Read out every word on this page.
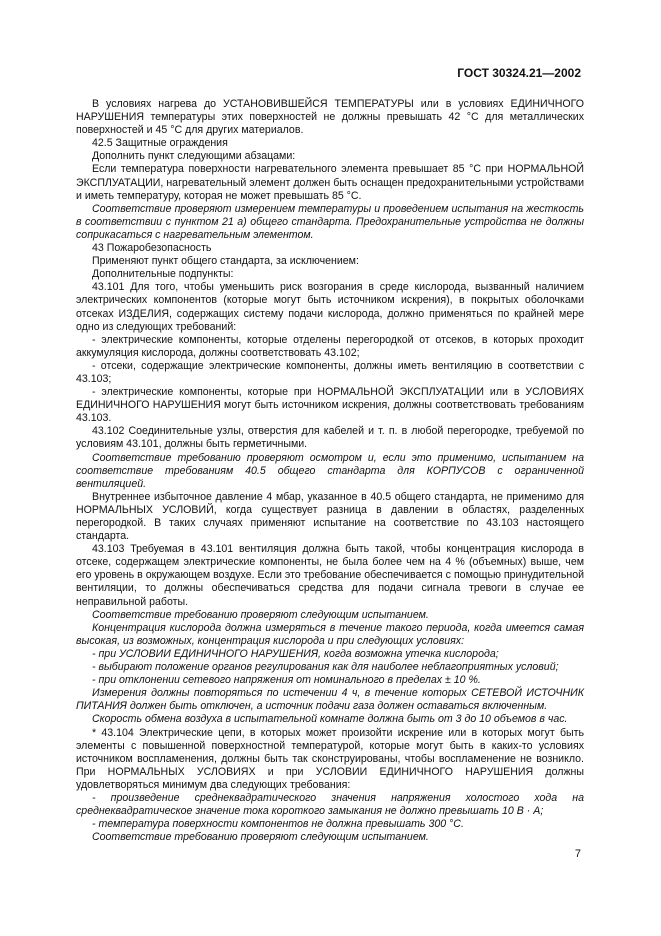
ГОСТ 30324.21—2002

В условиях нагрева до УСТАНОВИВШЕЙСЯ ТЕМПЕРАТУРЫ или в условиях ЕДИНИЧНОГО НАРУШЕНИЯ температуры этих поверхностей не должны превышать 42 °С для металлических поверхностей и 45 °С для других материалов.

42.5 Защитные ограждения

Дополнить пункт следующими абзацами:

Если температура поверхности нагревательного элемента превышает 85 °С при НОРМАЛЬНОЙ ЭКСПЛУАТАЦИИ, нагревательный элемент должен быть оснащен предохранительными устройствами и иметь температуру, которая не может превышать 85 °С.

Соответствие проверяют измерением температуры и проведением испытания на жесткость в соответствии с пунктом 21 а) общего стандарта. Предохранительные устройства не должны соприкасаться с нагревательным элементом.

43 Пожаробезопасность

Применяют пункт общего стандарта, за исключением:

Дополнительные подпункты:

43.101 Для того, чтобы уменьшить риск возгорания в среде кислорода, вызванный наличием электрических компонентов (которые могут быть источником искрения), в покрытых оболочками отсеках ИЗДЕЛИЯ, содержащих систему подачи кислорода, должно применяться по крайней мере одно из следующих требований:

- электрические компоненты, которые отделены перегородкой от отсеков, в которых проходит аккумуляция кислорода, должны соответствовать 43.102;

- отсеки, содержащие электрические компоненты, должны иметь вентиляцию в соответствии с 43.103;

- электрические компоненты, которые при НОРМАЛЬНОЙ ЭКСПЛУАТАЦИИ или в УСЛОВИЯХ ЕДИНИЧНОГО НАРУШЕНИЯ могут быть источником искрения, должны соответствовать требованиям 43.103.

43.102 Соединительные узлы, отверстия для кабелей и т. п. в любой перегородке, требуемой по условиям 43.101, должны быть герметичными.

Соответствие требованию проверяют осмотром и, если это применимо, испытанием на соответствие требованиям 40.5 общего стандарта для КОРПУСОВ с ограниченной вентиляцией.

Внутреннее избыточное давление 4 мбар, указанное в 40.5 общего стандарта, не применимо для НОРМАЛЬНЫХ УСЛОВИЙ, когда существует разница в давлении в областях, разделенных перегородкой. В таких случаях применяют испытание на соответствие по 43.103 настоящего стандарта.

43.103 Требуемая в 43.101 вентиляция должна быть такой, чтобы концентрация кислорода в отсеке, содержащем электрические компоненты, не была более чем на 4 % (объемных) выше, чем его уровень в окружающем воздухе. Если это требование обеспечивается с помощью принудительной вентиляции, то должны обеспечиваться средства для подачи сигнала тревоги в случае ее неправильной работы.

Соответствие требованию проверяют следующим испытанием.

Концентрация кислорода должна измеряться в течение такого периода, когда имеется самая высокая, из возможных, концентрация кислорода и при следующих условиях:

- при УСЛОВИИ ЕДИНИЧНОГО НАРУШЕНИЯ, когда возможна утечка кислорода;

- выбирают положение органов регулирования как для наиболее неблагоприятных условий;

- при отклонении сетевого напряжения от номинального в пределах ± 10 %.

Измерения должны повторяться по истечении 4 ч, в течение которых СЕТЕВОЙ ИСТОЧНИК ПИТАНИЯ должен быть отключен, а источник подачи газа должен оставаться включенным.

Скорость обмена воздуха в испытательной комнате должна быть от 3 до 10 объемов в час.

* 43.104 Электрические цепи, в которых может произойти искрение или в которых могут быть элементы с повышенной поверхностной температурой, которые могут быть в каких-то условиях источником воспламенения, должны быть так сконструированы, чтобы воспламенение не возникло. При НОРМАЛЬНЫХ УСЛОВИЯХ и при УСЛОВИИ ЕДИНИЧНОГО НАРУШЕНИЯ должны удовлетворяться минимум два следующих требования:

- произведение среднеквадратического значения напряжения холостого хода на среднеквадратическое значение тока короткого замыкания не должно превышать 10 В · А;

- температура поверхности компонентов не должна превышать 300 °С.

Соответствие требованию проверяют следующим испытанием.

7
